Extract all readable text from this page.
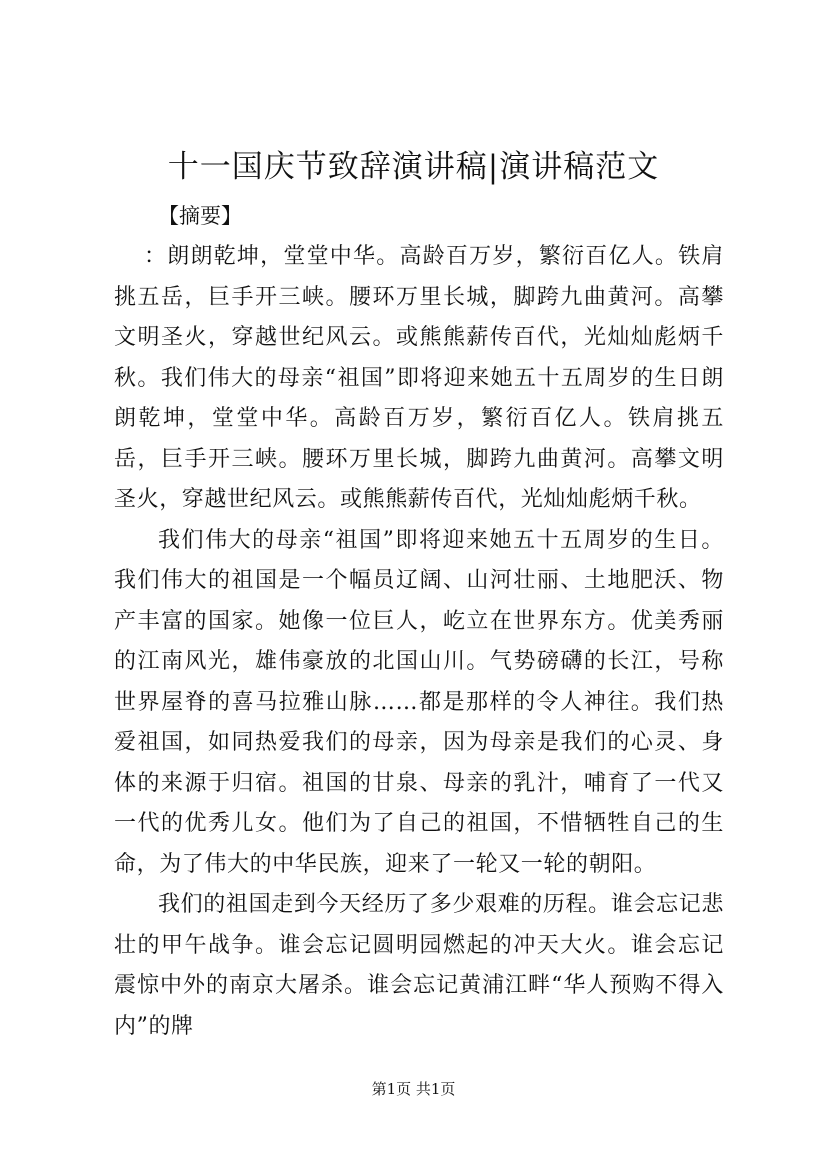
十一国庆节致辞演讲稿|演讲稿范文
【摘要】

：朗朗乾坤，堂堂中华。高龄百万岁，繁衍百亿人。铁肩挑五岳，巨手开三峡。腰环万里长城，脚跨九曲黄河。高攀文明圣火，穿越世纪风云。或熊熊薪传百代，光灿灿彪炳千秋。我们伟大的母亲“祖国”即将迎来她五十五周岁的生日朗朗乾坤，堂堂中华。高龄百万岁，繁衍百亿人。铁肩挑五岳，巨手开三峡。腰环万里长城，脚跨九曲黄河。高攀文明圣火，穿越世纪风云。或熊熊薪传百代，光灿灿彪炳千秋。

我们伟大的母亲“祖国”即将迎来她五十五周岁的生日。我们伟大的祖国是一个幅员辽阔、山河壮丽、土地肥沃、物产丰富的国家。她像一位巨人，屹立在世界东方。优美秀丽的江南风光，雄伟豪放的北国山川。气势磅礴的长江，号称世界屋脊的喜马拉雅山脉……都是那样的令人神往。我们热爱祖国，如同热爱我们的母亲，因为母亲是我们的心灵、身体的来源于归宿。祖国的甘泉、母亲的乳汁，哺育了一代又一代的优秀儿女。他们为了自己的祖国，不惜牺牲自己的生命，为了伟大的中华民族，迎来了一轮又一轮的朝阳。

我们的祖国走到今天经历了多少艰难的历程。谁会忘记悲壮的甲午战争。谁会忘记圆明园燃起的冲天大火。谁会忘记震惊中外的南京大屠杀。谁会忘记黄浦江畔“华人预购不得入内”的牌

第1页 共1页
